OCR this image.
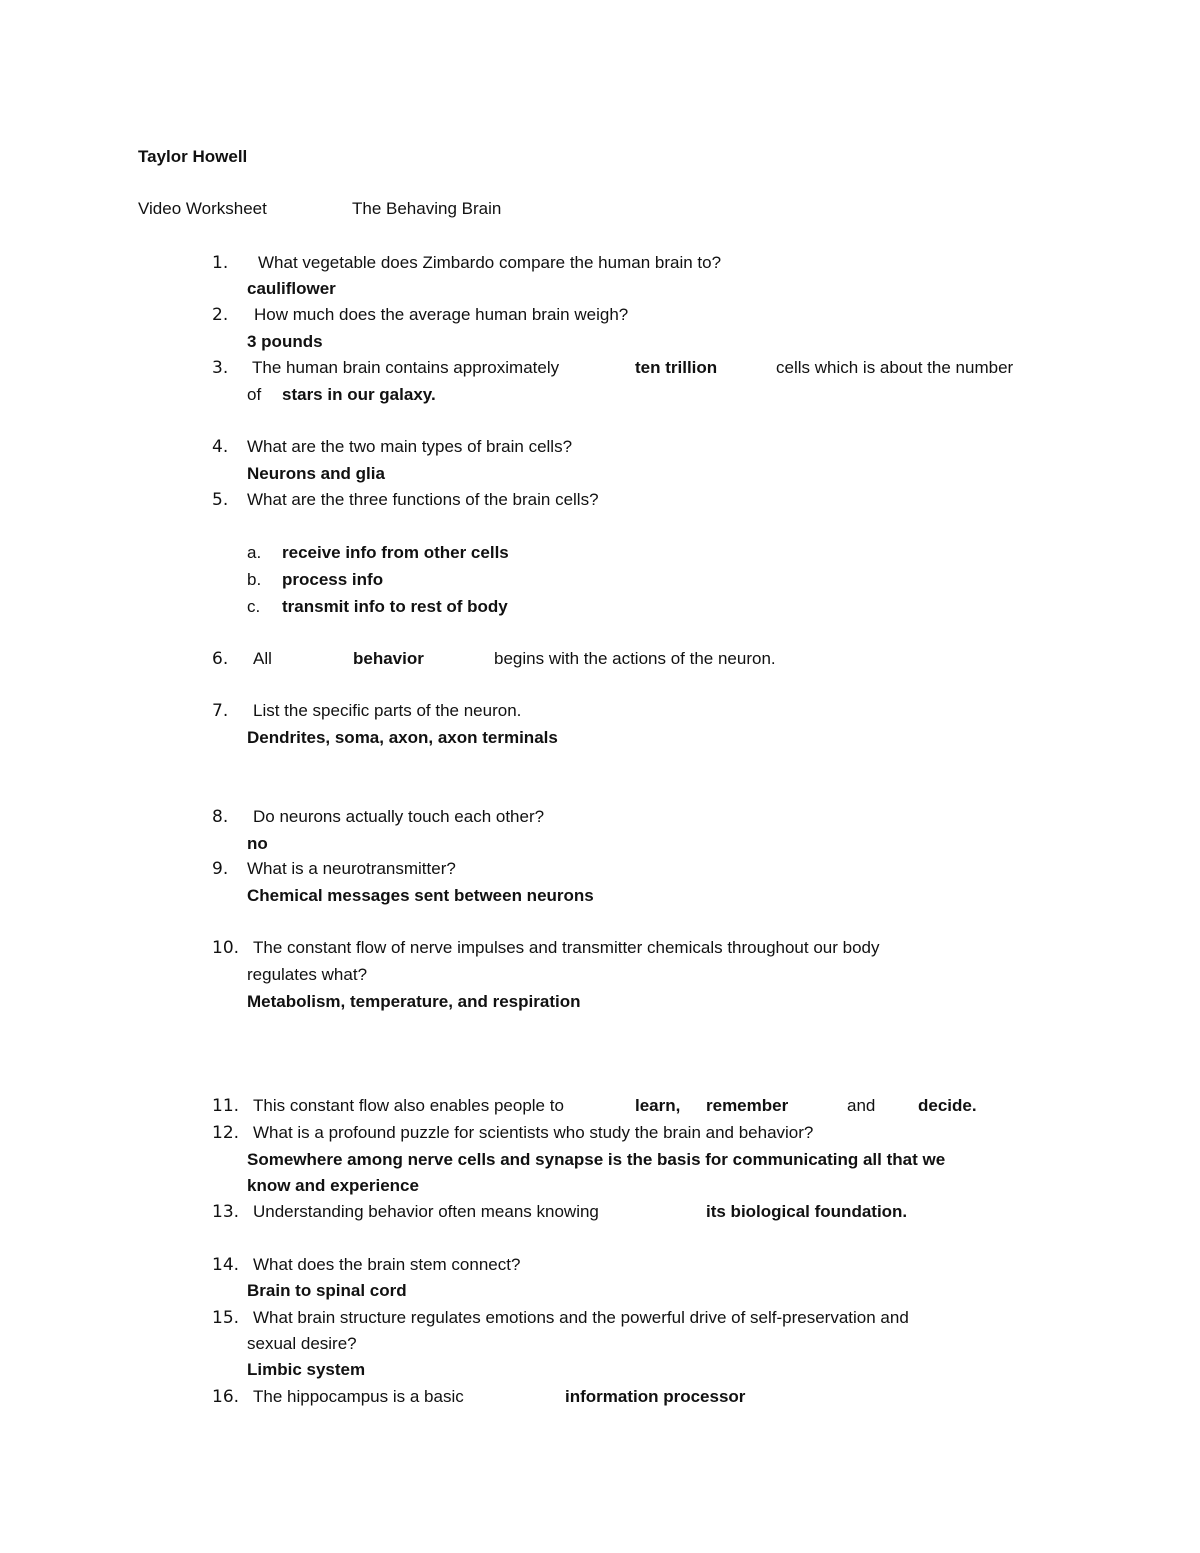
Taylor Howell
Video Worksheet	The Behaving Brain
1. What vegetable does Zimbardo compare the human brain to?
cauliflower
2. How much does the average human brain weigh?
3 pounds
3. The human brain contains approximately	ten trillion	cells which is about the number
of stars in our galaxy.
4. What are the two main types of brain cells?
Neurons and glia
5. What are the three functions of the brain cells?
a. receive info from other cells
b. process info
c. transmit info to rest of body
6. All	behavior	begins with the actions of the neuron.
7. List the specific parts of the neuron.
Dendrites, soma, axon, axon terminals
8. Do neurons actually touch each other?
no
9. What is a neurotransmitter?
Chemical messages sent between neurons
10. The constant flow of nerve impulses and transmitter chemicals throughout our body
regulates what?
Metabolism, temperature, and respiration
11. This constant flow also enables people to	learn, remember	and	decide.
12. What is a profound puzzle for scientists who study the brain and behavior?
Somewhere among nerve cells and synapse is the basis for communicating all that we
know and experience
13. Understanding behavior often means knowing	its biological foundation.
14. What does the brain stem connect?
Brain to spinal cord
15. What brain structure regulates emotions and the powerful drive of self-preservation and
sexual desire?
Limbic system
16. The hippocampus is a basic	information processor
